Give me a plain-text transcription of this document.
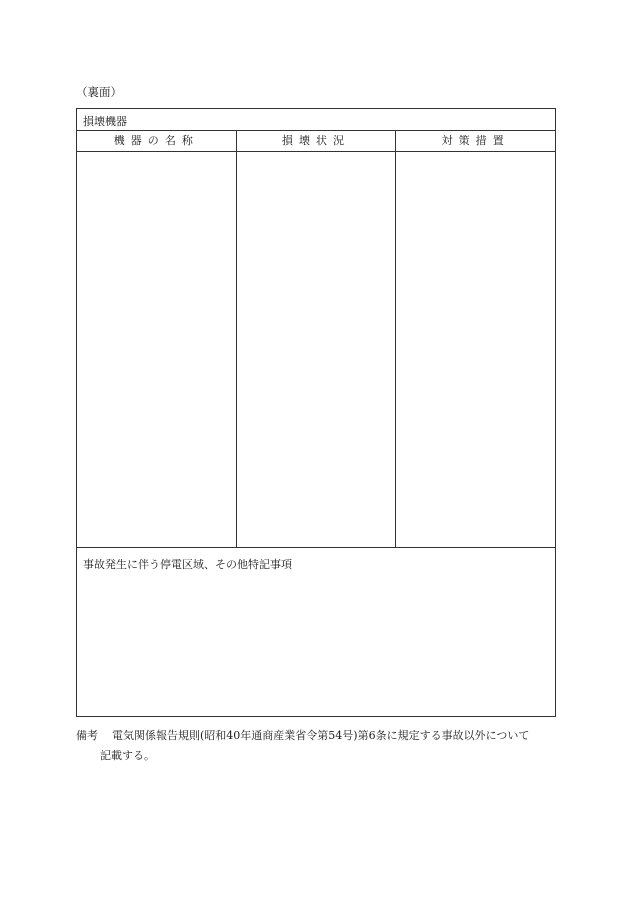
（裏面）
損壊機器
機器の名称	損壊状況	対策措置
事故発生に伴う停電区域、その他特記事項
備考 電気関係報告規則(昭和40年通商産業省令第54号)第6条に規定する事故以外について
記載する。
